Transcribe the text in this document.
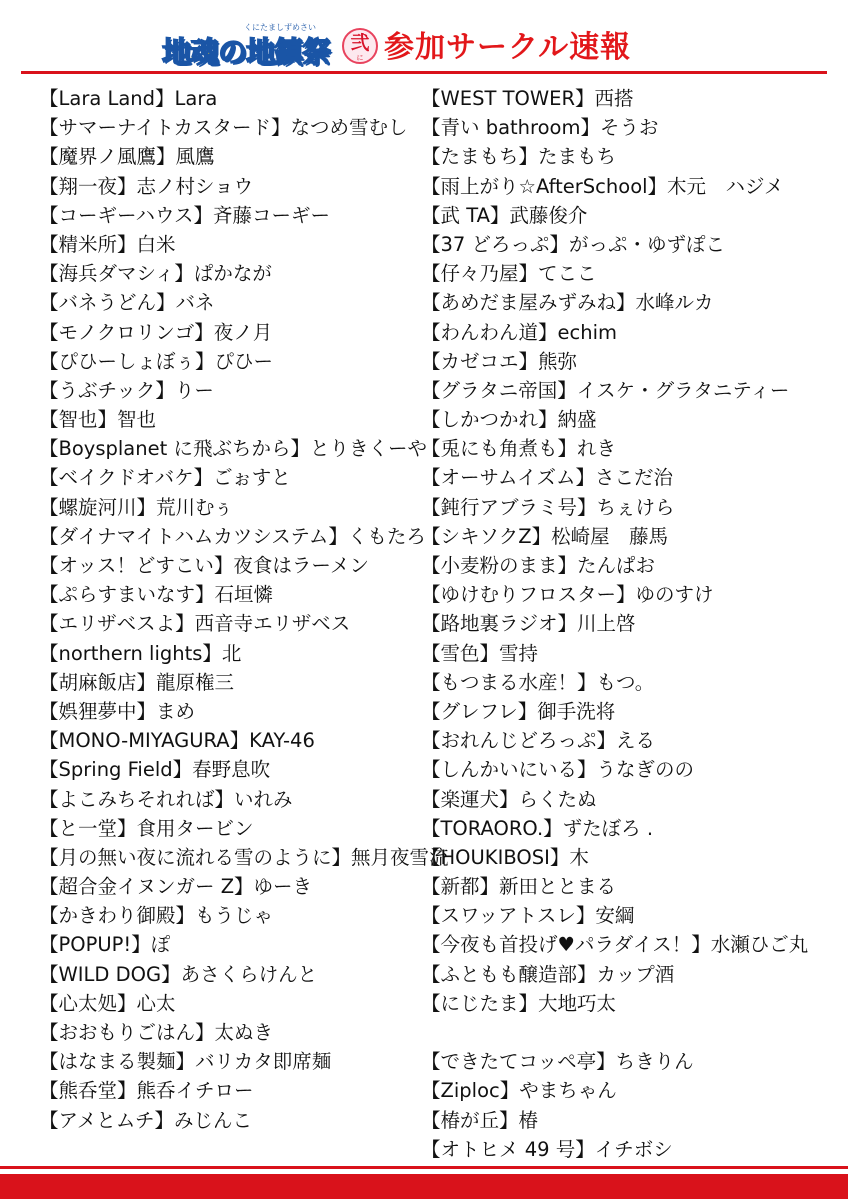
くにたましずめさい
地魂の地鎮祭	弐
に 参加サークル速報
【Lara Land】Lara
【サマーナイトカスタード】なつめ雪むし
【魔界ノ風鷹】風鷹
【翔一夜】志ノ村ショウ
【コーギーハウス】斉藤コーギー
【精米所】白米
【海兵ダマシィ】ぱかなが
【バネうどん】バネ
【モノクロリンゴ】夜ノ月
【ぴひーしょぼぅ】ぴひー
【うぶチック】りー
【智也】智也
【Boysplanet に飛ぶちから】とりきくーや
【ベイクドオバケ】ごぉすと
【螺旋河川】荒川むぅ
【ダイナマイトハムカツシステム】くもたろ
【オッス！どすこい】夜食はラーメン
【ぷらすまいなす】石垣憐
【エリザベスよ】西音寺エリザベス
【northern lights】北
【胡麻飯店】龍原権三
【娯狸夢中】まめ
【MONO-MIYAGURA】KAY-46
【Spring Field】春野息吹
【よこみちそれれば】いれみ
【と一堂】食用タービン
【月の無い夜に流れる雪のように】無月夜雪流
【超合金イヌンガー Z】ゆーき
【かきわり御殿】もうじゃ
【POPUP!】ぽ
【WILD DOG】あさくらけんと
【心太処】心太
【おおもりごはん】太ぬき
【はなまる製麺】バリカタ即席麺
【熊呑堂】熊呑イチロー
【アメとムチ】みじんこ
【WEST TOWER】西搭
【青い bathroom】そうお
【たまもち】たまもち
【雨上がり☆AfterSchool】木元　ハジメ
【武 TA】武藤俊介
【37 どろっぷ】がっぷ・ゆずぽこ
【仔々乃屋】てここ
【あめだま屋みずみね】水峰ルカ
【わんわん道】echim
【カゼコエ】熊弥
【グラタニ帝国】イスケ・グラタニティー
【しかつかれ】納盛
【兎にも角煮も】れき
【オーサムイズム】さこだ治
【鈍行アブラミ号】ちぇけら
【シキソクZ】松崎屋　藤馬
【小麦粉のまま】たんぱお
【ゆけむりフロスター】ゆのすけ
【路地裏ラジオ】川上啓
【雪色】雪持
【もつまる水産！】もつ。
【グレフレ】御手洗将
【おれんじどろっぷ】える
【しんかいにいる】うなぎのの
【楽運犬】らくたぬ
【TORAORO.】ずたぼろ .
【HOUKIBOSI】木
【新都】新田ととまる
【スワッアトスレ】安綱
【今夜も首投げ♥パラダイス！】水瀬ひご丸
【ふともも醸造部】カップ酒
【にじたま】大地巧太
【できたてコッペ亭】ちきりん
【Ziploc】やまちゃん
【椿が丘】椿
【オトヒメ 49 号】イチボシ
